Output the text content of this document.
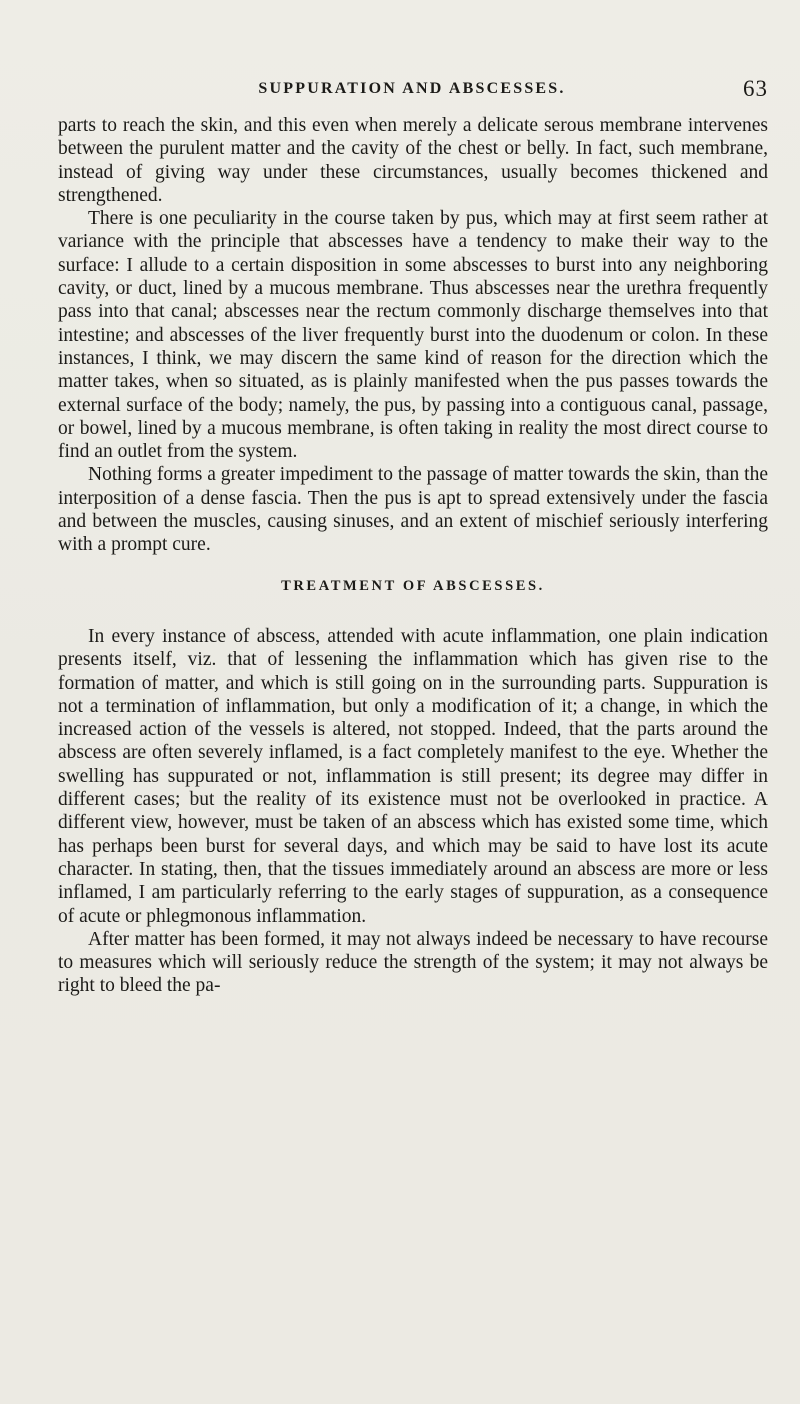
SUPPURATION AND ABSCESSES.	63

parts to reach the skin, and this even when merely a delicate serous membrane intervenes between the purulent matter and the cavity of the chest or belly. In fact, such membrane, instead of giving way under these circumstances, usually becomes thickened and strengthened.

There is one peculiarity in the course taken by pus, which may at first seem rather at variance with the principle that abscesses have a tendency to make their way to the surface: I allude to a certain disposition in some abscesses to burst into any neighboring cavity, or duct, lined by a mucous membrane. Thus abscesses near the urethra frequently pass into that canal; abscesses near the rectum commonly discharge themselves into that intestine; and abscesses of the liver frequently burst into the duodenum or colon. In these instances, I think, we may discern the same kind of reason for the direction which the matter takes, when so situated, as is plainly manifested when the pus passes towards the external surface of the body; namely, the pus, by passing into a contiguous canal, passage, or bowel, lined by a mucous membrane, is often taking in reality the most direct course to find an outlet from the system.

Nothing forms a greater impediment to the passage of matter towards the skin, than the interposition of a dense fascia. Then the pus is apt to spread extensively under the fascia and between the muscles, causing sinuses, and an extent of mischief seriously interfering with a prompt cure.

TREATMENT OF ABSCESSES.

In every instance of abscess, attended with acute inflammation, one plain indication presents itself, viz. that of lessening the inflammation which has given rise to the formation of matter, and which is still going on in the surrounding parts. Suppuration is not a termination of inflammation, but only a modification of it; a change, in which the increased action of the vessels is altered, not stopped. Indeed, that the parts around the abscess are often severely inflamed, is a fact completely manifest to the eye. Whether the swelling has suppurated or not, inflammation is still present; its degree may differ in different cases; but the reality of its existence must not be overlooked in practice. A different view, however, must be taken of an abscess which has existed some time, which has perhaps been burst for several days, and which may be said to have lost its acute character. In stating, then, that the tissues immediately around an abscess are more or less inflamed, I am particularly referring to the early stages of suppuration, as a consequence of acute or phlegmonous inflammation.

After matter has been formed, it may not always indeed be necessary to have recourse to measures which will seriously reduce the strength of the system; it may not always be right to bleed the pa-
